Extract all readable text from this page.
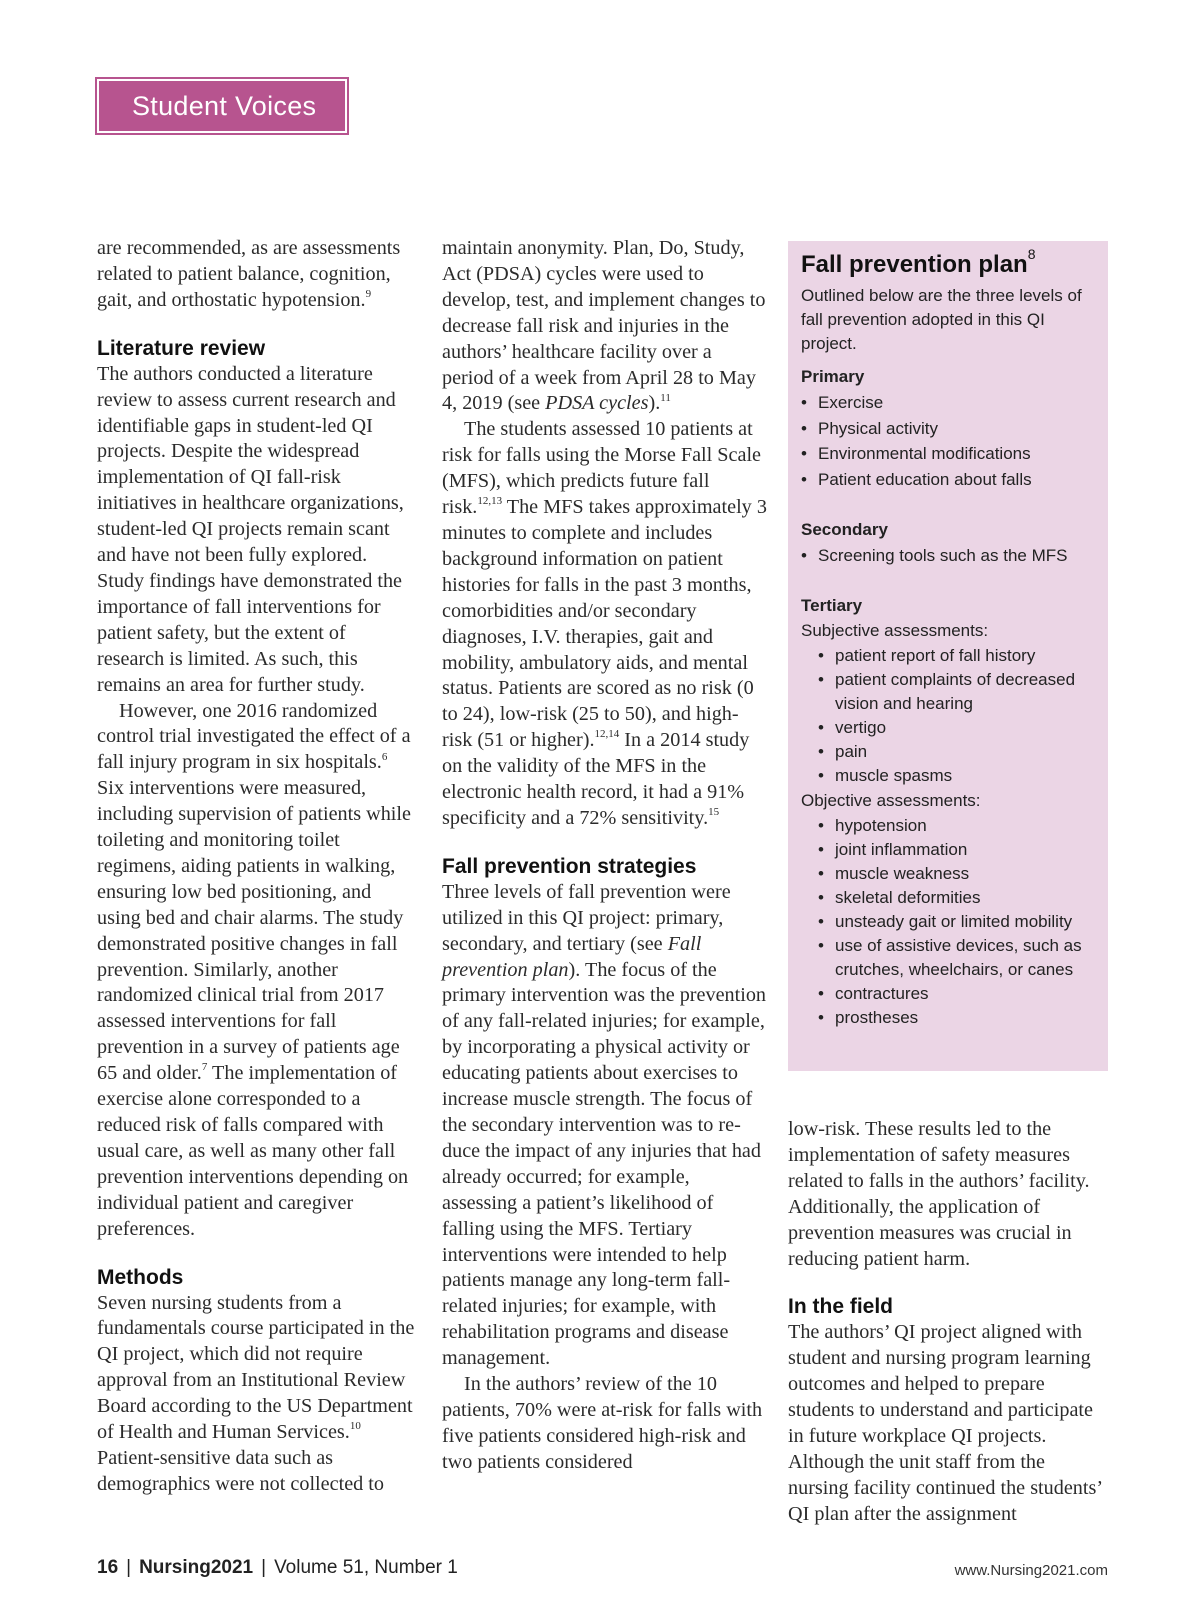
Student Voices

are recommended, as are assessments related to patient balance, cognition, gait, and orthostatic hypotension.$^9$

Literature review

The authors conducted a literature review to assess current research and identifiable gaps in student-led QI projects. Despite the widespread implementation of QI fall-risk initiatives in healthcare organizations, student-led QI projects remain scant and have not been fully explored. Study findings have demonstrated the importance of fall interventions for patient safety, but the extent of research is limited. As such, this remains an area for further study.

However, one 2016 randomized control trial investigated the effect of a fall injury program in six hospitals.$^6$ Six interventions were measured, including supervision of patients while toileting and monitoring toilet regimens, aiding patients in walking, ensuring low bed positioning, and using bed and chair alarms. The study demonstrated positive changes in fall prevention. Similarly, another randomized clinical trial from 2017 assessed interventions for fall prevention in a survey of patients age 65 and older.$^7$ The implementation of exercise alone corresponded to a reduced risk of falls compared with usual care, as well as many other fall prevention interventions depending on individual patient and caregiver preferences.

Methods

Seven nursing students from a fundamentals course participated in the QI project, which did not require approval from an Institutional Review Board according to the US Department of Health and Human Services.$^{10}$ Patient-sensitive data such as demographics were not collected to

maintain anonymity. Plan, Do, Study, Act (PDSA) cycles were used to develop, test, and implement changes to decrease fall risk and injuries in the authors’ healthcare facility over a period of a week from April 28 to May 4, 2019 (see PDSA cycles).$^{11}$

The students assessed 10 patients at risk for falls using the Morse Fall Scale (MFS), which predicts future fall risk.$^{12,13}$ The MFS takes approximately 3 minutes to complete and includes background information on patient histories for falls in the past 3 months, comorbidities and/or secondary diagnoses, I.V. therapies, gait and mobility, ambulatory aids, and mental status. Patients are scored as no risk (0 to 24), low-risk (25 to 50), and high-risk (51 or higher).$^{12,14}$ In a 2014 study on the validity of the MFS in the electronic health record, it had a 91% specificity and a 72% sensitivity.$^{15}$

Fall prevention strategies

Three levels of fall prevention were utilized in this QI project: primary, secondary, and tertiary (see Fall prevention plan). The focus of the primary intervention was the prevention of any fall-related injuries; for example, by incorporating a physical activity or educating patients about exercises to increase muscle strength. The focus of the secondary intervention was to reduce the impact of any injuries that had already occurred; for example, assessing a patient’s likelihood of falling using the MFS. Tertiary interventions were intended to help patients manage any long-term fall-related injuries; for example, with rehabilitation programs and disease management.

In the authors’ review of the 10 patients, 70% were at-risk for falls with five patients considered high-risk and two patients considered

Fall prevention plan$^8$

Outlined below are the three levels of fall prevention adopted in this QI project.

Primary

• Exercise
• Physical activity
• Environmental modifications
• Patient education about falls

Secondary

• Screening tools such as the MFS

Tertiary

Subjective assessments:

• patient report of fall history
• patient complaints of decreased vision and hearing
• vertigo
• pain
• muscle spasms

Objective assessments:

• hypotension
• joint inflammation
• muscle weakness
• skeletal deformities
• unsteady gait or limited mobility
• use of assistive devices, such as crutches, wheelchairs, or canes
• contractures
• prostheses

low-risk. These results led to the implementation of safety measures related to falls in the authors’ facility. Additionally, the application of prevention measures was crucial in reducing patient harm.

In the field

The authors’ QI project aligned with student and nursing program learning outcomes and helped to prepare students to understand and participate in future workplace QI projects. Although the unit staff from the nursing facility continued the students’ QI plan after the assignment

16 | Nursing2021 | Volume 51, Number 1	www.Nursing2021.com
